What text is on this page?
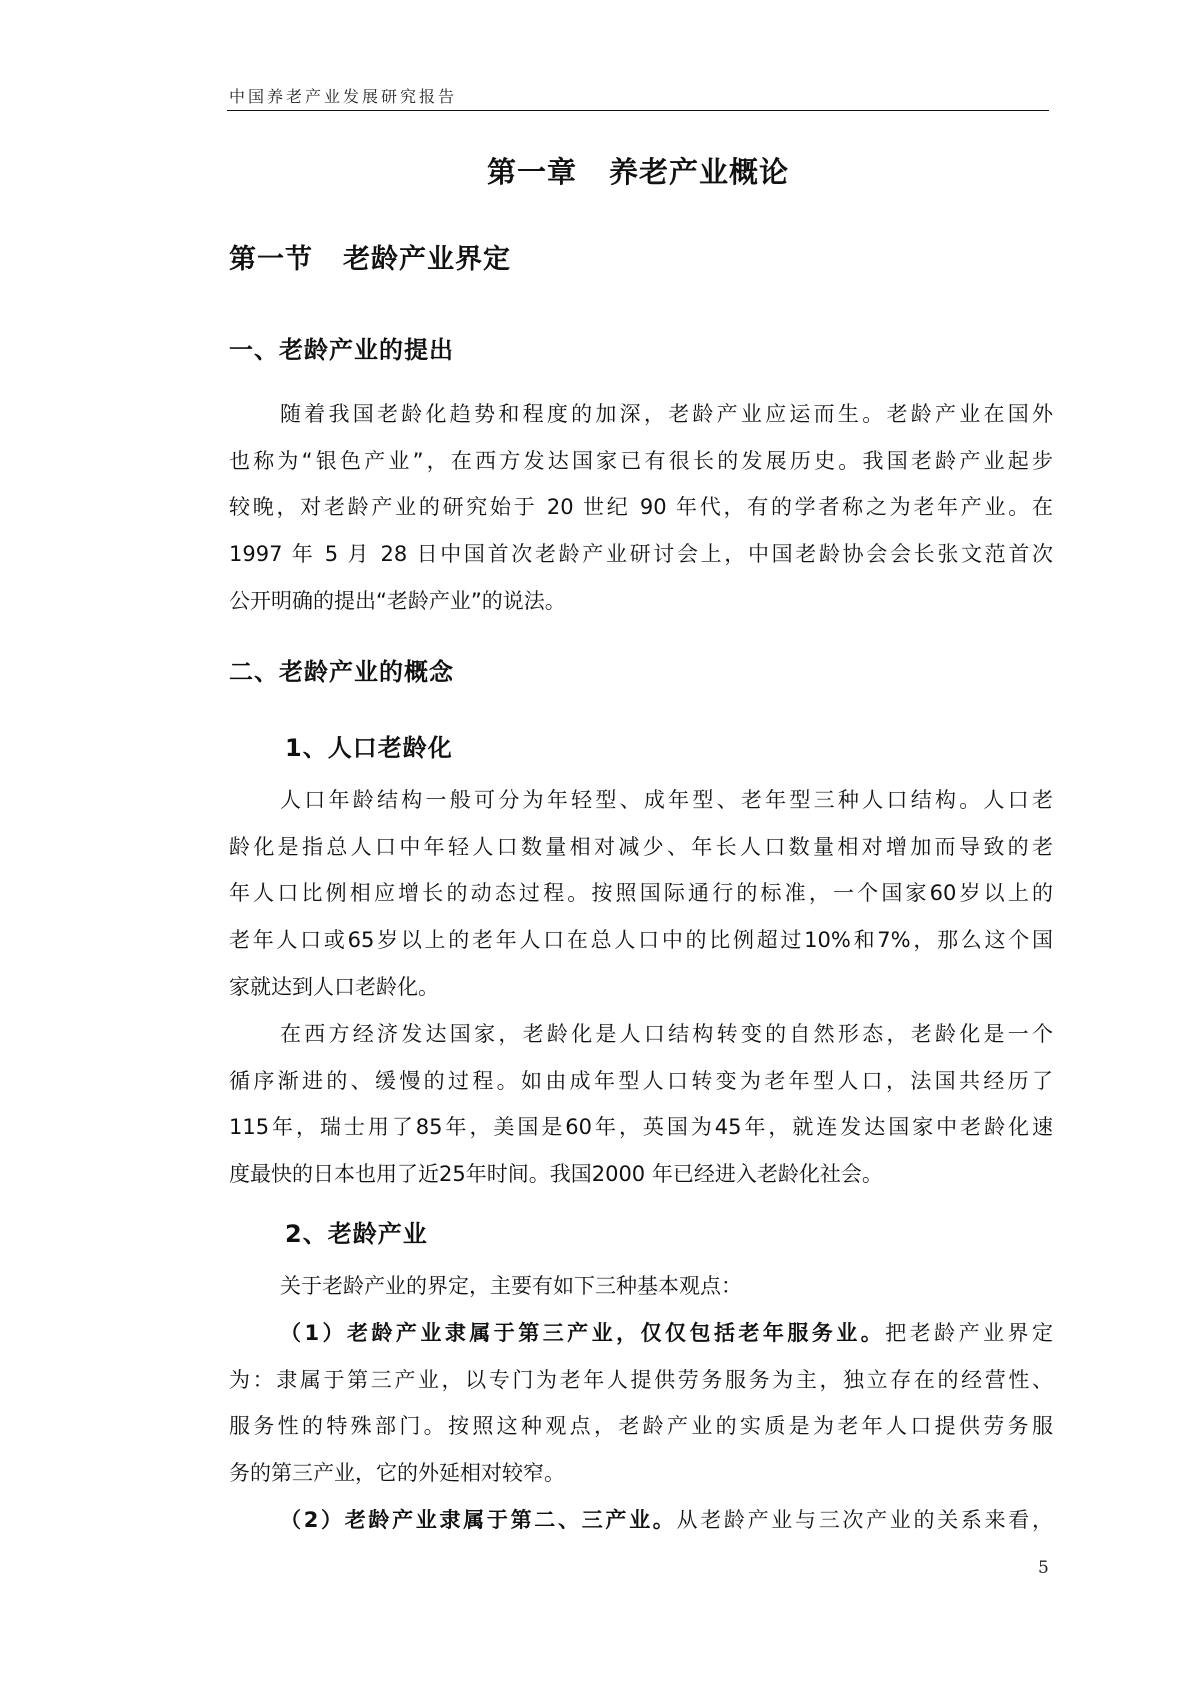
中国养老产业发展研究报告
第一章 养老产业概论
第一节 老龄产业界定
一、老龄产业的提出
随着我国老龄化趋势和程度的加深，老龄产业应运而生。老龄产业在国外
也称为“银色产业”，在西方发达国家已有很长的发展历史。我国老龄产业起步
较晚，对老龄产业的研究始于 20 世纪 90 年代，有的学者称之为老年产业。在
1997 年 5 月 28 日中国首次老龄产业研讨会上，中国老龄协会会长张文范首次
公开明确的提出“老龄产业”的说法。
二、老龄产业的概念
1、人口老龄化
人口年龄结构一般可分为年轻型、成年型、老年型三种人口结构。人口老
龄化是指总人口中年轻人口数量相对减少、年长人口数量相对增加而导致的老
年人口比例相应增长的动态过程。按照国际通行的标准，一个国家60岁以上的
老年人口或65岁以上的老年人口在总人口中的比例超过10%和7%，那么这个国
家就达到人口老龄化。
在西方经济发达国家，老龄化是人口结构转变的自然形态，老龄化是一个
循序渐进的、缓慢的过程。如由成年型人口转变为老年型人口，法国共经历了
115年，瑞士用了85年，美国是60年，英国为45年，就连发达国家中老龄化速
度最快的日本也用了近25年时间。我国2000 年已经进入老龄化社会。
2、老龄产业
关于老龄产业的界定，主要有如下三种基本观点：
（1）老龄产业隶属于第三产业，仅仅包括老年服务业。把老龄产业界定
为：隶属于第三产业，以专门为老年人提供劳务服务为主，独立存在的经营性、
服务性的特殊部门。按照这种观点，老龄产业的实质是为老年人口提供劳务服
务的第三产业，它的外延相对较窄。
（2）老龄产业隶属于第二、三产业。从老龄产业与三次产业的关系来看，
5
